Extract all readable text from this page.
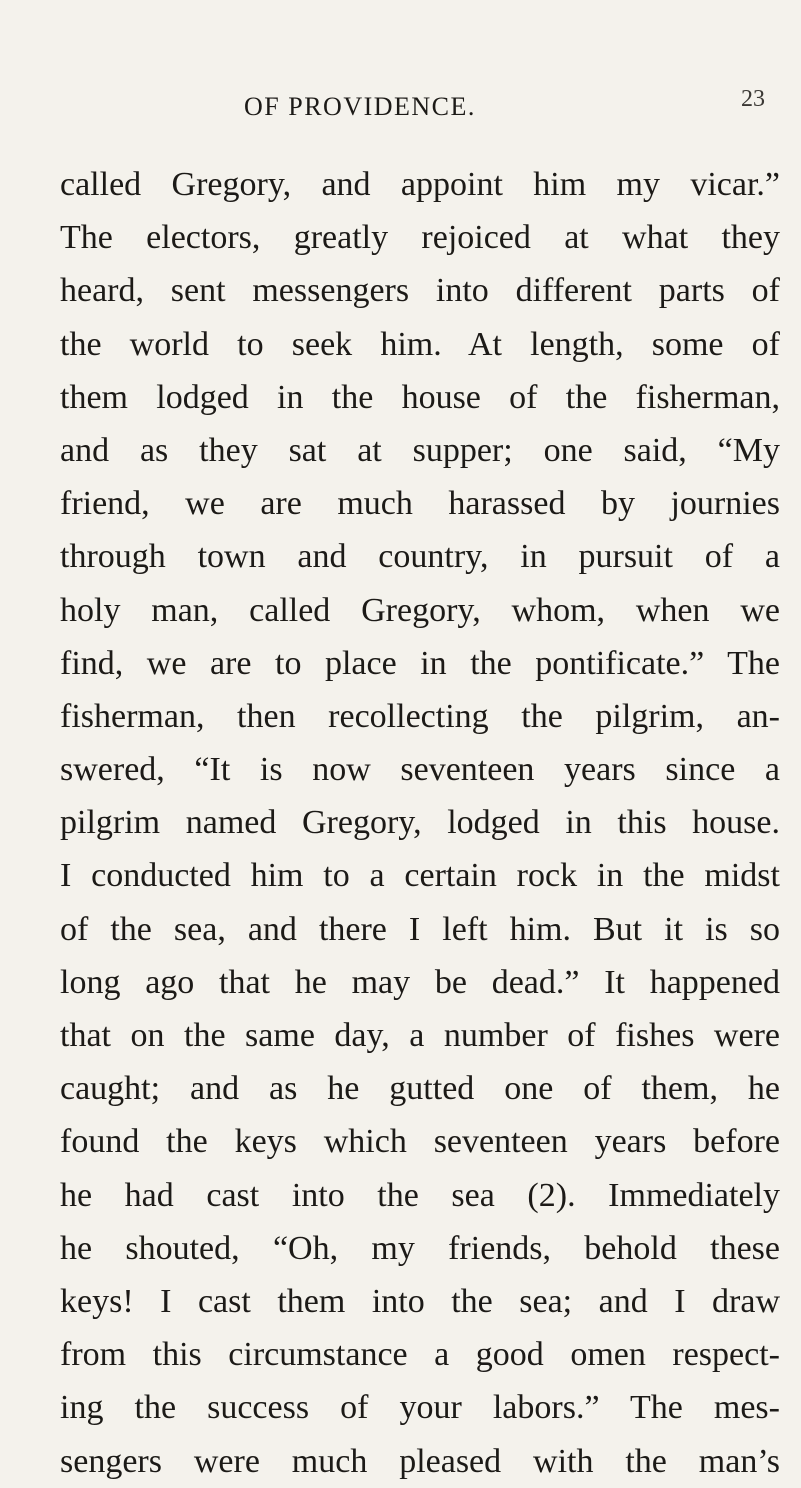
OF PROVIDENCE.	23
called Gregory, and appoint him my vicar.”
The electors, greatly rejoiced at what they
heard, sent messengers into different parts of
the world to seek him. At length, some of
them lodged in the house of the fisherman,
and as they sat at supper; one said, “My
friend, we are much harassed by journies
through town and country, in pursuit of a
holy man, called Gregory, whom, when we
find, we are to place in the pontificate.” The
fisherman, then recollecting the pilgrim, an-
swered, “It is now seventeen years since a
pilgrim named Gregory, lodged in this house.
I conducted him to a certain rock in the midst
of the sea, and there I left him. But it is so
long ago that he may be dead.” It happened
that on the same day, a number of fishes were
caught; and as he gutted one of them, he
found the keys which seventeen years before
he had cast into the sea (2). Immediately
he shouted, “Oh, my friends, behold these
keys! I cast them into the sea; and I draw
from this circumstance a good omen respect-
ing the success of your labors.” The mes-
sengers were much pleased with the man’s
